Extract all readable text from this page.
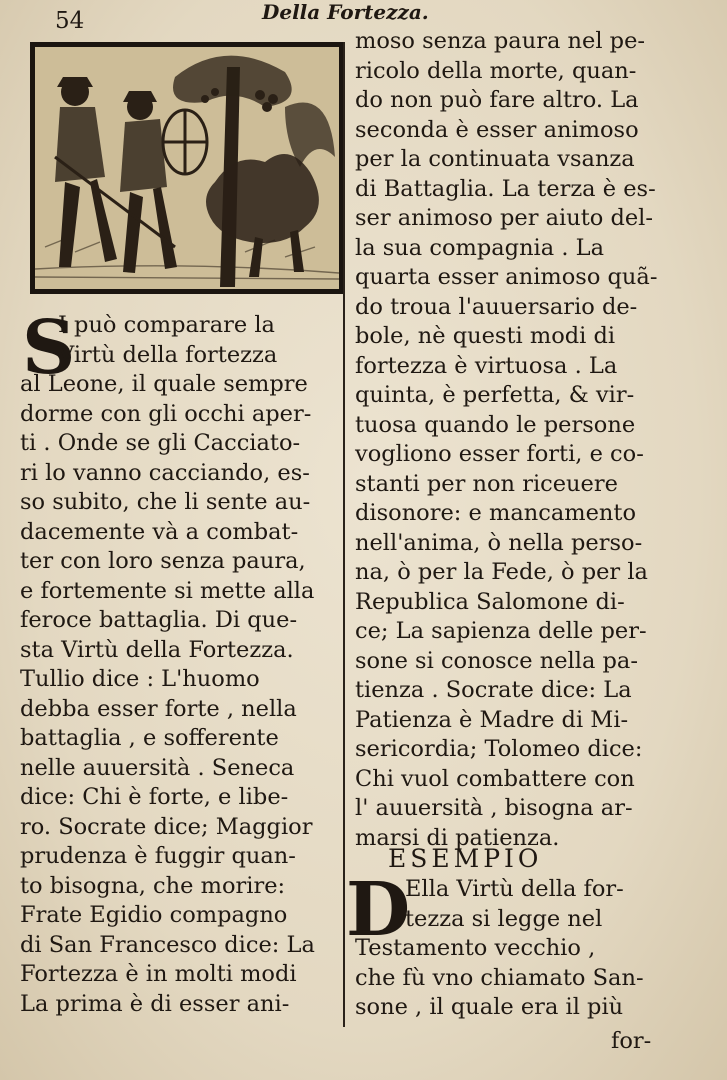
54	Della Fortezza.
S
I può comparare la
Virtù della fortezza
al Leone, il quale sempre
dorme con gli occhi aper-
ti . Onde se gli Cacciato-
ri lo vanno cacciando, es-
so subito, che li sente au-
dacemente và a combat-
ter con loro senza paura,
e fortemente si mette alla
feroce battaglia. Di que-
sta Virtù della Fortezza.
Tullio dice : L'huomo
debba esser forte , nella
battaglia , e sofferente
nelle auuersità . Seneca
dice: Chi è forte, e libe-
ro. Socrate dice; Maggior
prudenza è fuggir quan-
to bisogna, che morire:
Frate Egidio compagno
di San Francesco dice: La
Fortezza è in molti modi
La prima è di esser ani-
moso senza paura nel pe-
ricolo della morte, quan-
do non può fare altro. La
seconda è esser animoso
per la continuata vsanza
di Battaglia. La terza è es-
ser animoso per aiuto del-
la sua compagnia . La
quarta esser animoso quã-
do troua l'auuersario de-
bole, nè questi modi di
fortezza è virtuosa . La
quinta, è perfetta, & vir-
tuosa quando le persone
vogliono esser forti, e co-
stanti per non riceuere
disonore: e mancamento
nell'anima, ò nella perso-
na, ò per la Fede, ò per la
Republica Salomone di-
ce; La sapienza delle per-
sone si conosce nella pa-
tienza . Socrate dice: La
Patienza è Madre di Mi-
sericordia; Tolomeo dice:
Chi vuol combattere con
l' auuersità , bisogna ar-
marsi di patienza.
ESEMPIO
D
Ella Virtù della for-
tezza si legge nel
Testamento vecchio ,
che fù vno chiamato San-
sone , il quale era il più
for-
